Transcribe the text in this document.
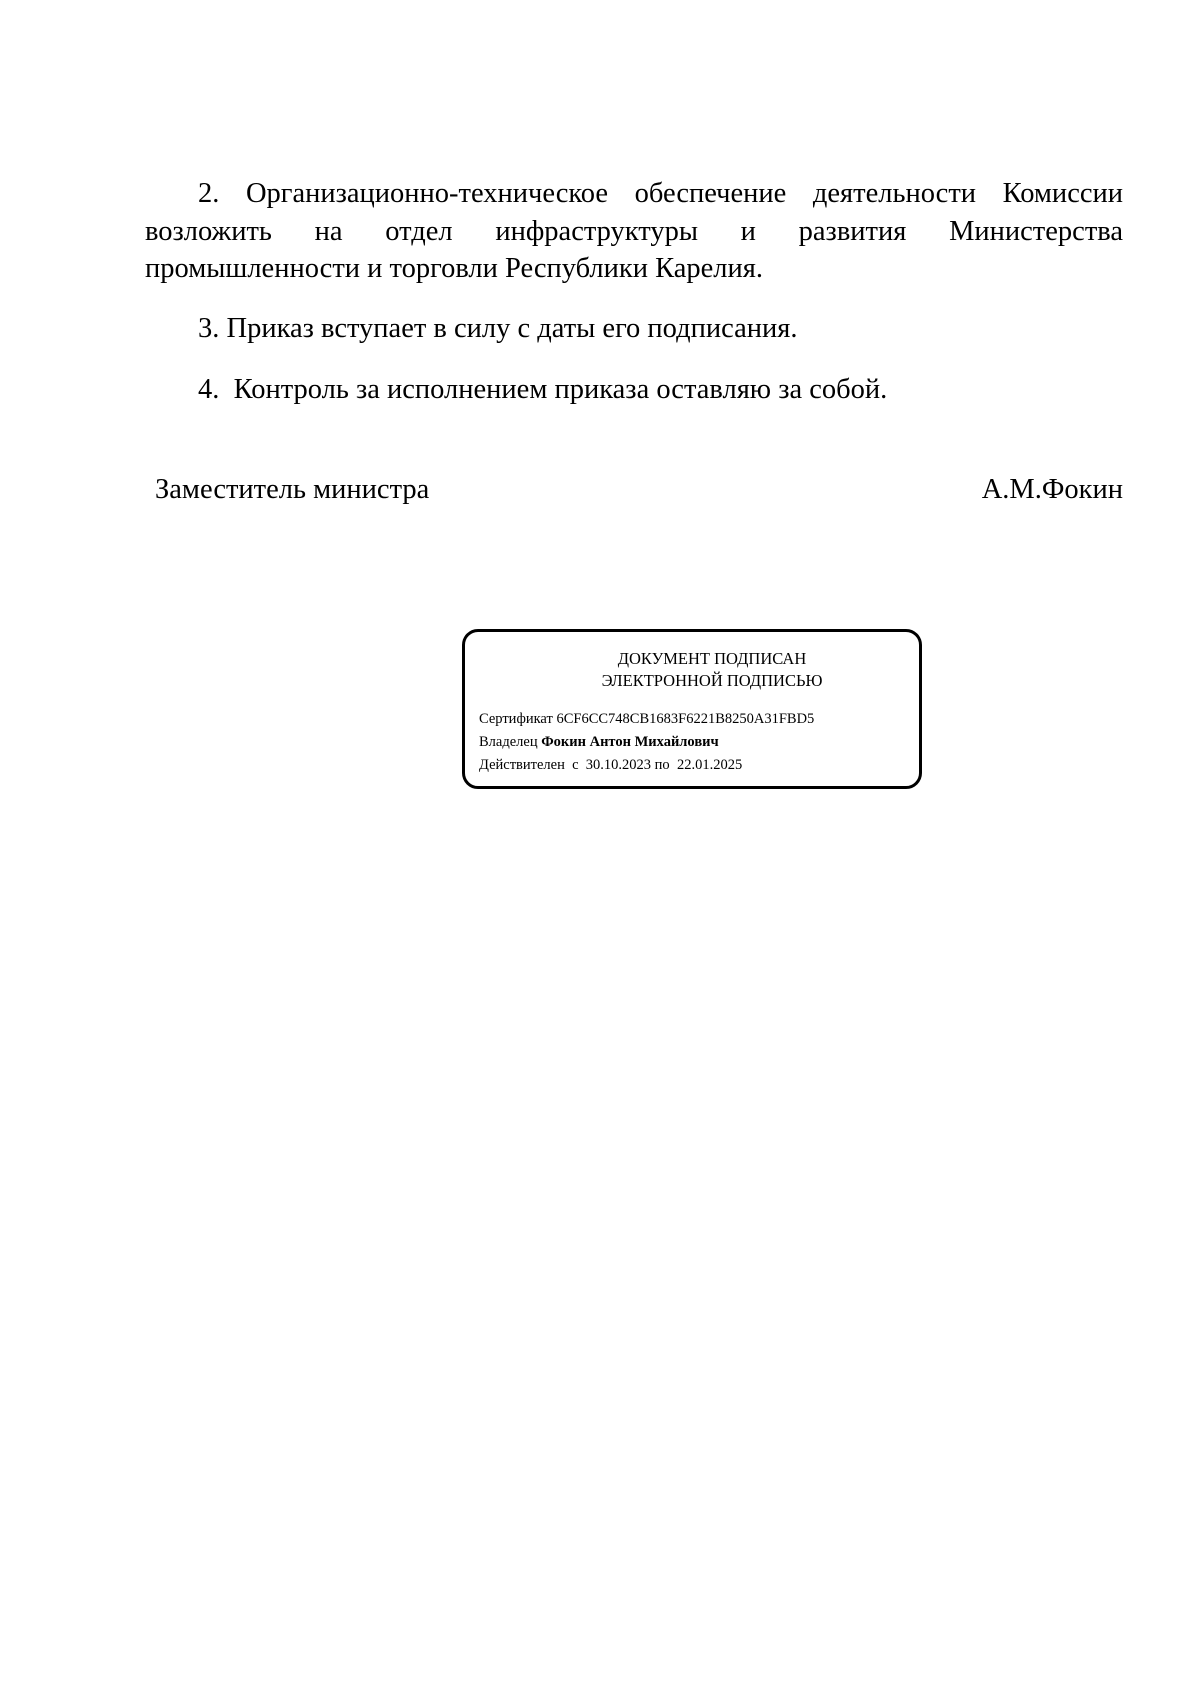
2. Организационно-техническое обеспечение деятельности Комиссии возложить на отдел инфраструктуры и развития Министерства промышленности и торговли Республики Карелия.

3. Приказ вступает в силу с даты его подписания.

4.  Контроль за исполнением приказа оставляю за собой.

Заместитель министра	А.М.Фокин
ДОКУМЕНТ ПОДПИСАН
ЭЛЕКТРОННОЙ ПОДПИСЬЮ
Сертификат 6CF6CC748CB1683F6221B8250A31FBD5
Владелец Фокин Антон Михайлович
Действителен  с 30.10.2023 по 22.01.2025
